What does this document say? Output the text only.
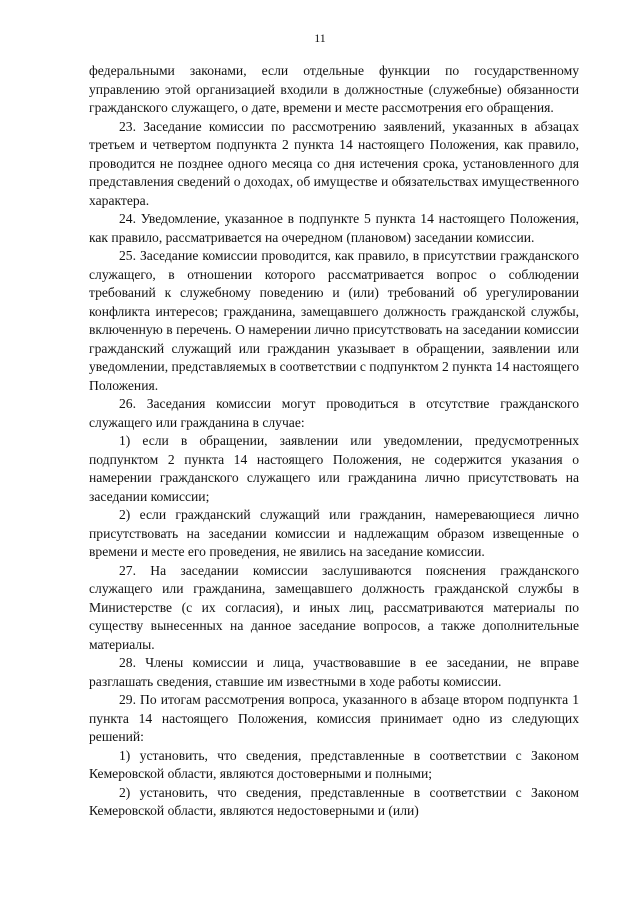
11

федеральными законами, если отдельные функции по государственному управлению этой организацией входили в должностные (служебные) обязанности гражданского служащего, о дате, времени и месте рассмотрения его обращения.

23. Заседание комиссии по рассмотрению заявлений, указанных в абзацах третьем и четвертом подпункта 2 пункта 14 настоящего Положения, как правило, проводится не позднее одного месяца со дня истечения срока, установленного для представления сведений о доходах, об имуществе и обязательствах имущественного характера.

24. Уведомление, указанное в подпункте 5 пункта 14 настоящего Положения, как правило, рассматривается на очередном (плановом) заседании комиссии.

25. Заседание комиссии проводится, как правило, в присутствии гражданского служащего, в отношении которого рассматривается вопрос о соблюдении требований к служебному поведению и (или) требований об урегулировании конфликта интересов; гражданина, замещавшего должность гражданской службы, включенную в перечень. О намерении лично присутствовать на заседании комиссии гражданский служащий или гражданин указывает в обращении, заявлении или уведомлении, представляемых в соответствии с подпунктом 2 пункта 14 настоящего Положения.

26. Заседания комиссии могут проводиться в отсутствие гражданского служащего или гражданина в случае:

1) если в обращении, заявлении или уведомлении, предусмотренных подпунктом 2 пункта 14 настоящего Положения, не содержится указания о намерении гражданского служащего или гражданина лично присутствовать на заседании комиссии;

2) если гражданский служащий или гражданин, намеревающиеся лично присутствовать на заседании комиссии и надлежащим образом извещенные о времени и месте его проведения, не явились на заседание комиссии.

27. На заседании комиссии заслушиваются пояснения гражданского служащего или гражданина, замещавшего должность гражданской службы в Министерстве (с их согласия), и иных лиц, рассматриваются материалы по существу вынесенных на данное заседание вопросов, а также дополнительные материалы.

28. Члены комиссии и лица, участвовавшие в ее заседании, не вправе разглашать сведения, ставшие им известными в ходе работы комиссии.

29. По итогам рассмотрения вопроса, указанного в абзаце втором подпункта 1 пункта 14 настоящего Положения, комиссия принимает одно из следующих решений:

1) установить, что сведения, представленные в соответствии с Законом Кемеровской области, являются достоверными и полными;

2) установить, что сведения, представленные в соответствии с Законом Кемеровской области, являются недостоверными и (или)
